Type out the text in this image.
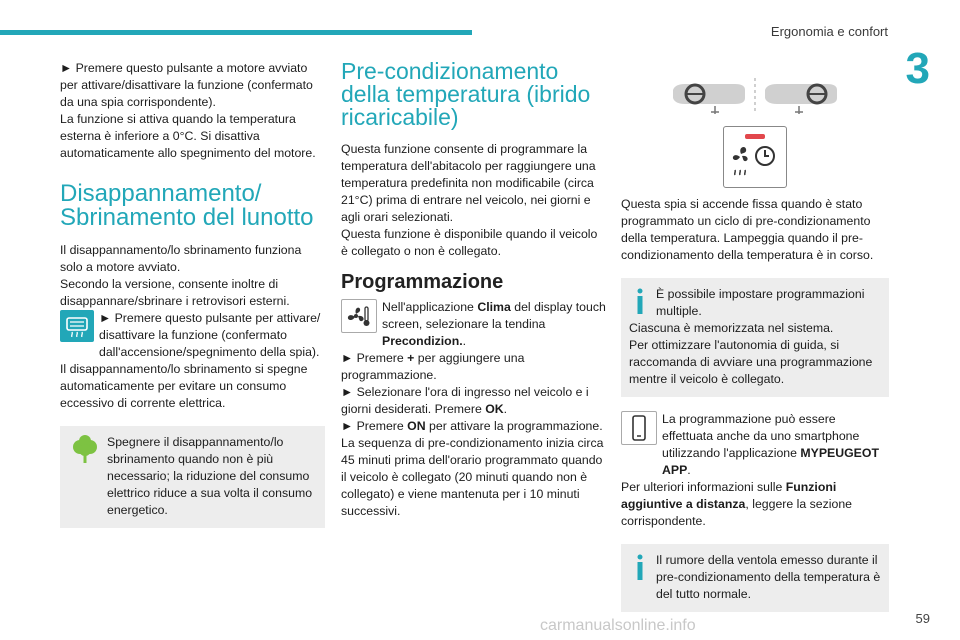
Ergonomia e confort
3
59
carmanualsonline.info

► Premere questo pulsante a motore avviato per attivare/disattivare la funzione (confermato da una spia corrispondente).

La funzione si attiva quando la temperatura esterna è inferiore a 0°C. Si disattiva automaticamente allo spegnimento del motore.

Disappannamento/ Sbrinamento del lunotto

Il disappannamento/lo sbrinamento funziona solo a motore avviato.

Secondo la versione, consente inoltre di disappannare/sbrinare i retrovisori esterni.

► Premere questo pulsante per attivare/ disattivare la funzione (confermato dall'accensione/spegnimento della spia).

Il disappannamento/lo sbrinamento si spegne automaticamente per evitare un consumo eccessivo di corrente elettrica.

Spegnere il disappannamento/lo sbrinamento quando non è più necessario; la riduzione del consumo elettrico riduce a sua volta il consumo energetico.

Pre-condizionamento della temperatura (ibrido ricaricabile)

Questa funzione consente di programmare la temperatura dell'abitacolo per raggiungere una temperatura predefinita non modificabile (circa 21°C) prima di entrare nel veicolo, nei giorni e agli orari selezionati.

Questa funzione è disponibile quando il veicolo è collegato o non è collegato.

Programmazione

Nell'applicazione Clima del display touch screen, selezionare la tendina Precondizion..

► Premere + per aggiungere una programmazione.

► Selezionare l'ora di ingresso nel veicolo e i giorni desiderati. Premere OK.

► Premere ON per attivare la programmazione.

La sequenza di pre-condizionamento inizia circa 45 minuti prima dell'orario programmato quando il veicolo è collegato (20 minuti quando non è collegato) e viene mantenuta per i 10 minuti successivi.

Questa spia si accende fissa quando è stato programmato un ciclo di pre-condizionamento della temperatura. Lampeggia quando il pre-condizionamento della temperatura è in corso.

È possibile impostare programmazioni multiple.

Ciascuna è memorizzata nel sistema.

Per ottimizzare l'autonomia di guida, si raccomanda di avviare una programmazione mentre il veicolo è collegato.

La programmazione può essere effettuata anche da uno smartphone utilizzando l'applicazione MYPEUGEOT APP.

Per ulteriori informazioni sulle Funzioni aggiuntive a distanza, leggere la sezione corrispondente.

Il rumore della ventola emesso durante il pre-condizionamento della temperatura è del tutto normale.
